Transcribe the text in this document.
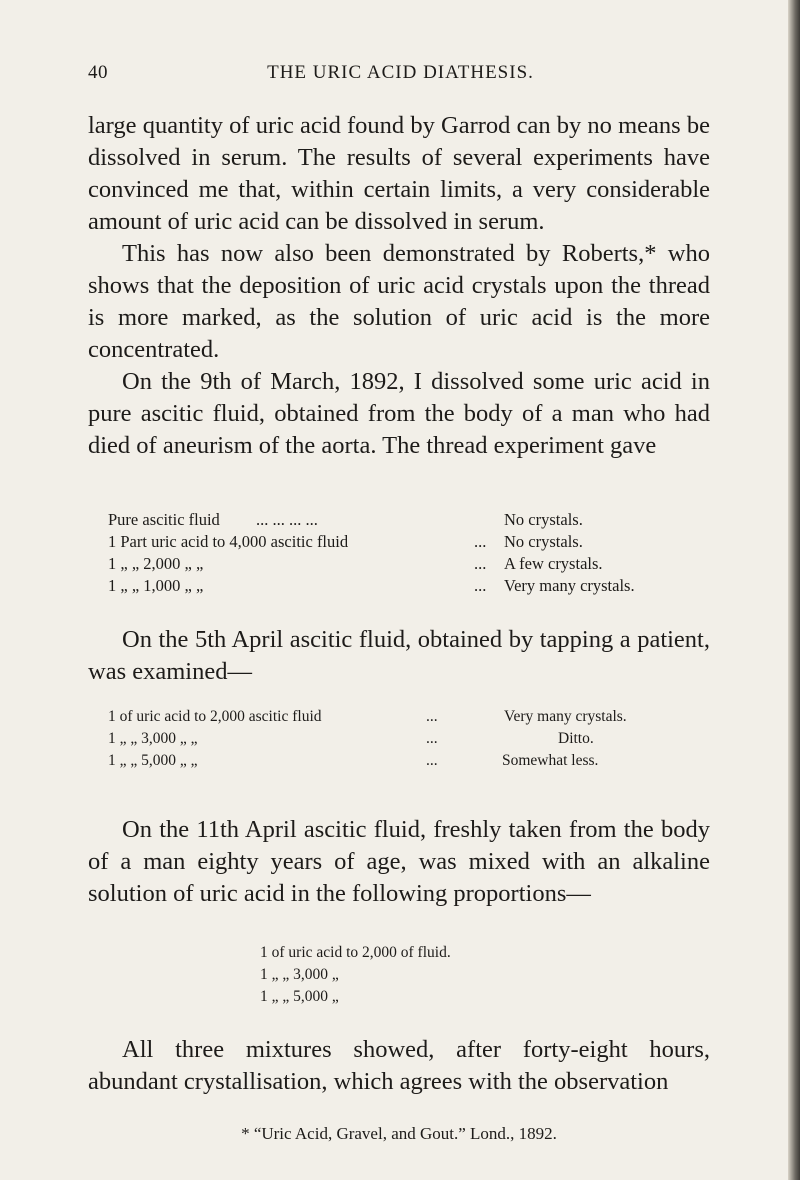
40	THE URIC ACID DIATHESIS.

large quantity of uric acid found by Garrod can by no means be dissolved in serum. The results of several experiments have convinced me that, within certain limits, a very considerable amount of uric acid can be dissolved in serum.

This has now also been demonstrated by Roberts,* who shows that the deposition of uric acid crystals upon the thread is more marked, as the solution of uric acid is the more concentrated.

On the 9th of March, 1892, I dissolved some uric acid in pure ascitic fluid, obtained from the body of a man who had died of aneurism of the aorta. The thread experiment gave

Pure ascitic fluid ... ... ... ...	No crystals.
1 Part uric acid to 4,000 ascitic fluid	... No crystals.
1 „ „ 2,000 „ „	... A few crystals.
1 „ „ 1,000 „ „	... Very many crystals.

On the 5th April ascitic fluid, obtained by tapping a patient, was examined—

1 of uric acid to 2,000 ascitic fluid	...	Very many crystals.
1 „ „ 3,000 „ „	...	Ditto.
1 „ „ 5,000 „ „	...	Somewhat less.

On the 11th April ascitic fluid, freshly taken from the body of a man eighty years of age, was mixed with an alkaline solution of uric acid in the following proportions—

1 of uric acid to 2,000 of fluid.
1 „ „ 3,000 „
1 „ „ 5,000 „

All three mixtures showed, after forty-eight hours, abundant crystallisation, which agrees with the observation

* “Uric Acid, Gravel, and Gout.” Lond., 1892.
